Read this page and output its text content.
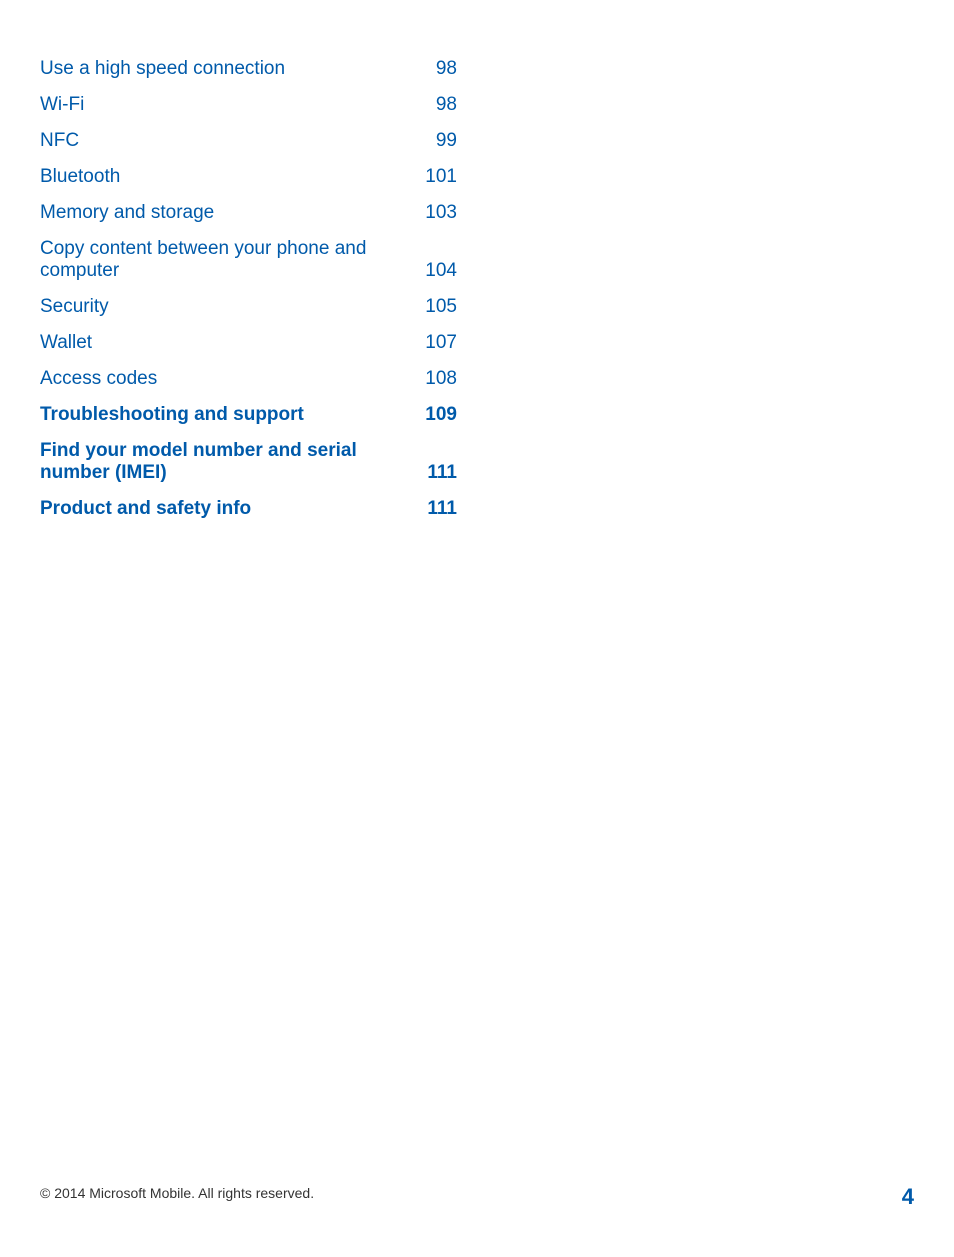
Use a high speed connection	98
Wi-Fi	98
NFC	99
Bluetooth	101
Memory and storage	103
Copy content between your phone and computer	104
Security	105
Wallet	107
Access codes	108
Troubleshooting and support	109
Find your model number and serial number (IMEI)	111
Product and safety info	111
© 2014 Microsoft Mobile. All rights reserved.	4
